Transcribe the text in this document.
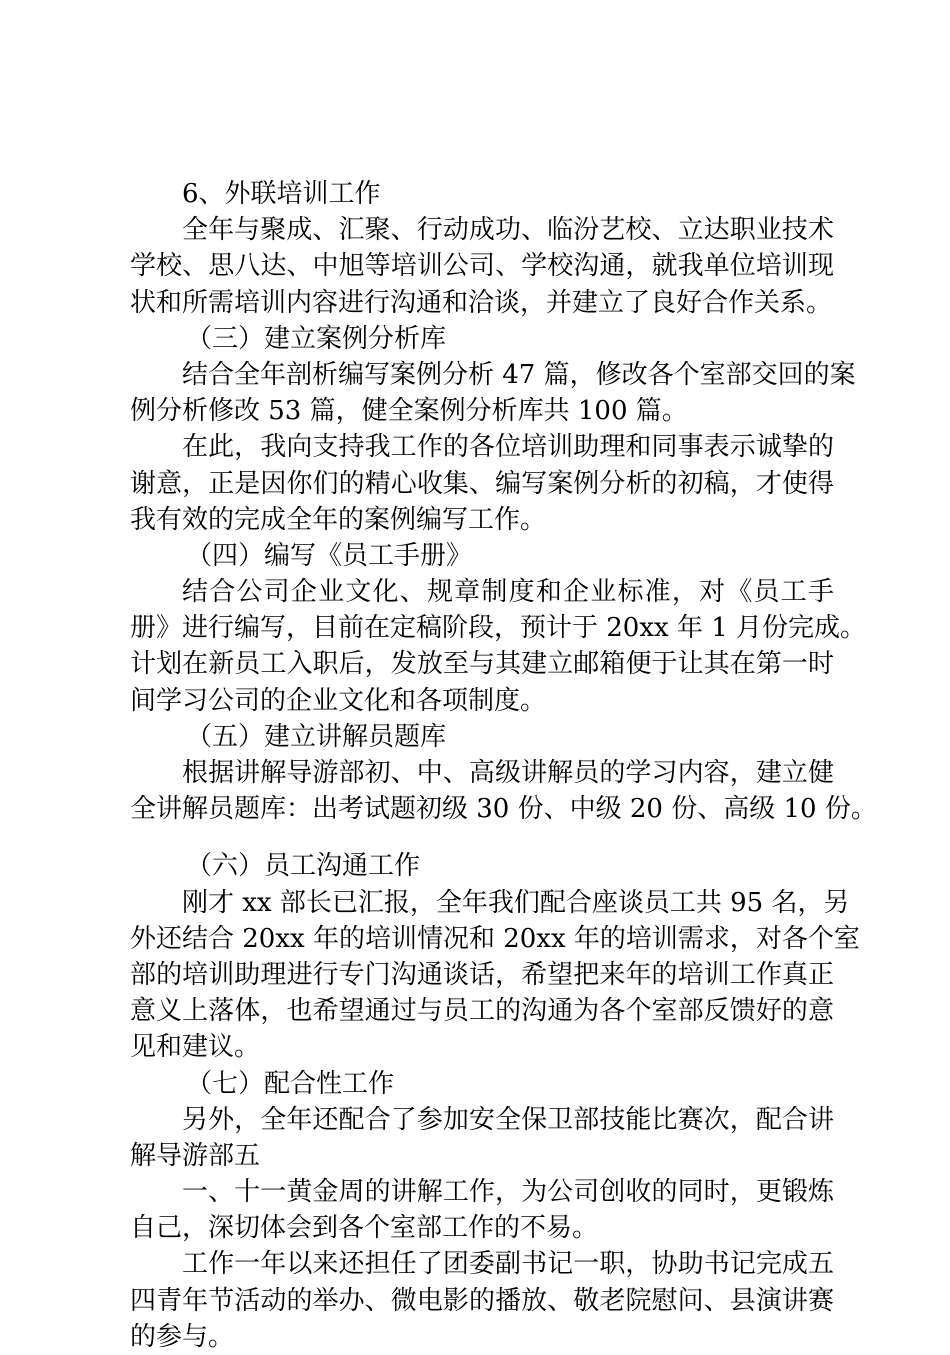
6、外联培训工作
全年与聚成、汇聚、行动成功、临汾艺校、立达职业技术
学校、思八达、中旭等培训公司、学校沟通，就我单位培训现
状和所需培训内容进行沟通和洽谈，并建立了良好合作关系。
（三）建立案例分析库
结合全年剖析编写案例分析 47 篇，修改各个室部交回的案
例分析修改 53 篇，健全案例分析库共 100 篇。
在此，我向支持我工作的各位培训助理和同事表示诚挚的
谢意，正是因你们的精心收集、编写案例分析的初稿，才使得
我有效的完成全年的案例编写工作。
（四）编写《员工手册》
结合公司企业文化、规章制度和企业标准，对《员工手
册》进行编写，目前在定稿阶段，预计于 20xx 年 1 月份完成。
计划在新员工入职后，发放至与其建立邮箱便于让其在第一时
间学习公司的企业文化和各项制度。
（五）建立讲解员题库
根据讲解导游部初、中、高级讲解员的学习内容，建立健
全讲解员题库：出考试题初级 30 份、中级 20 份、高级 10 份。
（六）员工沟通工作
刚才 xx 部长已汇报，全年我们配合座谈员工共 95 名，另
外还结合 20xx 年的培训情况和 20xx 年的培训需求，对各个室
部的培训助理进行专门沟通谈话，希望把来年的培训工作真正
意义上落体，也希望通过与员工的沟通为各个室部反馈好的意
见和建议。
（七）配合性工作
另外，全年还配合了参加安全保卫部技能比赛次，配合讲
解导游部五
一、十一黄金周的讲解工作，为公司创收的同时，更锻炼
自己，深切体会到各个室部工作的不易。
工作一年以来还担任了团委副书记一职，协助书记完成五
四青年节活动的举办、微电影的播放、敬老院慰问、县演讲赛
的参与。
